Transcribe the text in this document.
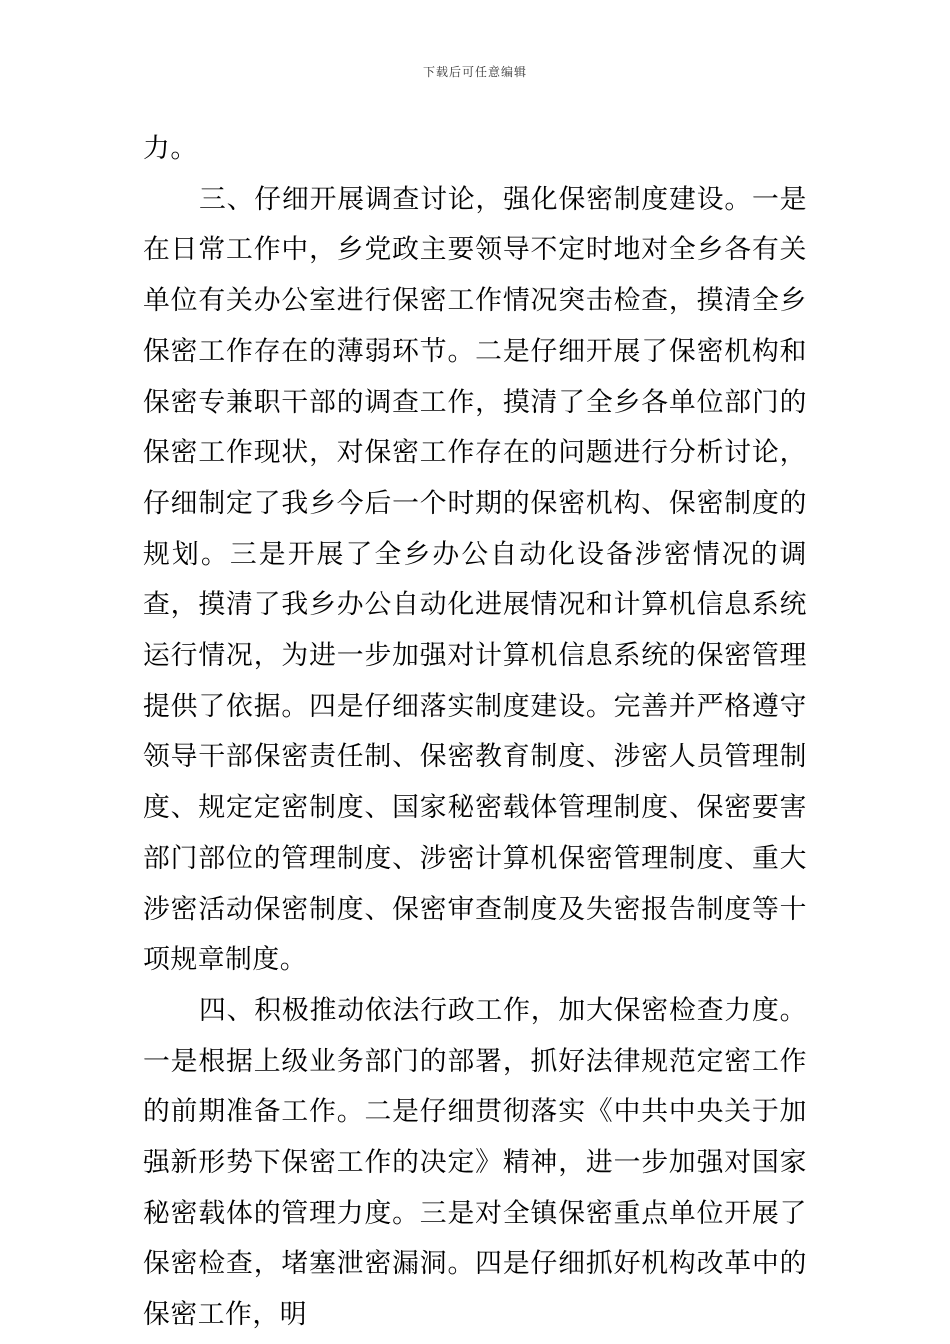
下载后可任意编辑

力。

三、仔细开展调查讨论，强化保密制度建设。一是在日常工作中，乡党政主要领导不定时地对全乡各有关单位有关办公室进行保密工作情况突击检查，摸清全乡保密工作存在的薄弱环节。二是仔细开展了保密机构和保密专兼职干部的调查工作，摸清了全乡各单位部门的保密工作现状，对保密工作存在的问题进行分析讨论，仔细制定了我乡今后一个时期的保密机构、保密制度的规划。三是开展了全乡办公自动化设备涉密情况的调查，摸清了我乡办公自动化进展情况和计算机信息系统运行情况，为进一步加强对计算机信息系统的保密管理提供了依据。四是仔细落实制度建设。完善并严格遵守领导干部保密责任制、保密教育制度、涉密人员管理制度、规定定密制度、国家秘密载体管理制度、保密要害部门部位的管理制度、涉密计算机保密管理制度、重大涉密活动保密制度、保密审查制度及失密报告制度等十项规章制度。

四、积极推动依法行政工作，加大保密检查力度。一是根据上级业务部门的部署，抓好法律规范定密工作的前期准备工作。二是仔细贯彻落实《中共中央关于加强新形势下保密工作的决定》精神，进一步加强对国家秘密载体的管理力度。三是对全镇保密重点单位开展了保密检查，堵塞泄密漏洞。四是仔细抓好机构改革中的保密工作，明
